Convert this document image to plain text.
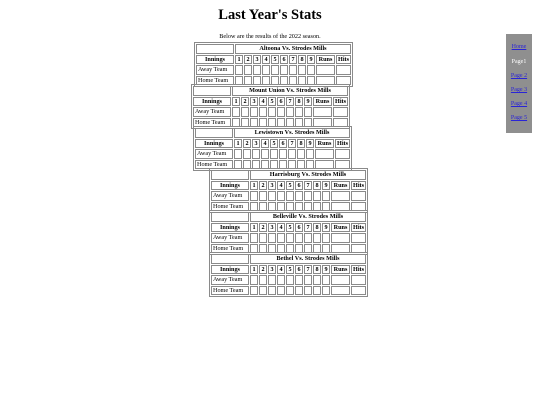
Last Year's Stats
Below are the results of the 2022 season.
	Altoona Vs. Strodes Mills										
Innings	1	2	3	4	5	6	7	8	9	Runs	Hits
Away Team											
Home Team											
	Mount Union Vs. Strodes Mills										
Innings	1	2	3	4	5	6	7	8	9	Runs	Hits
Away Team											
Home Team											
	Lewistown Vs. Strodes Mills										
Innings	1	2	3	4	5	6	7	8	9	Runs	Hits
Away Team											
Home Team											
	Harrisburg Vs. Strodes Mills										
Innings	1	2	3	4	5	6	7	8	9	Runs	Hits
Away Team											
Home Team											
	Belleville Vs. Strodes Mills										
Innings	1	2	3	4	5	6	7	8	9	Runs	Hits
Away Team											
Home Team											
	Bethel Vs. Strodes Mills										
Innings	1	2	3	4	5	6	7	8	9	Runs	Hits
Away Team											
Home Team											
Home
Page1
Page 2
Page 3
Page 4
Page 5
